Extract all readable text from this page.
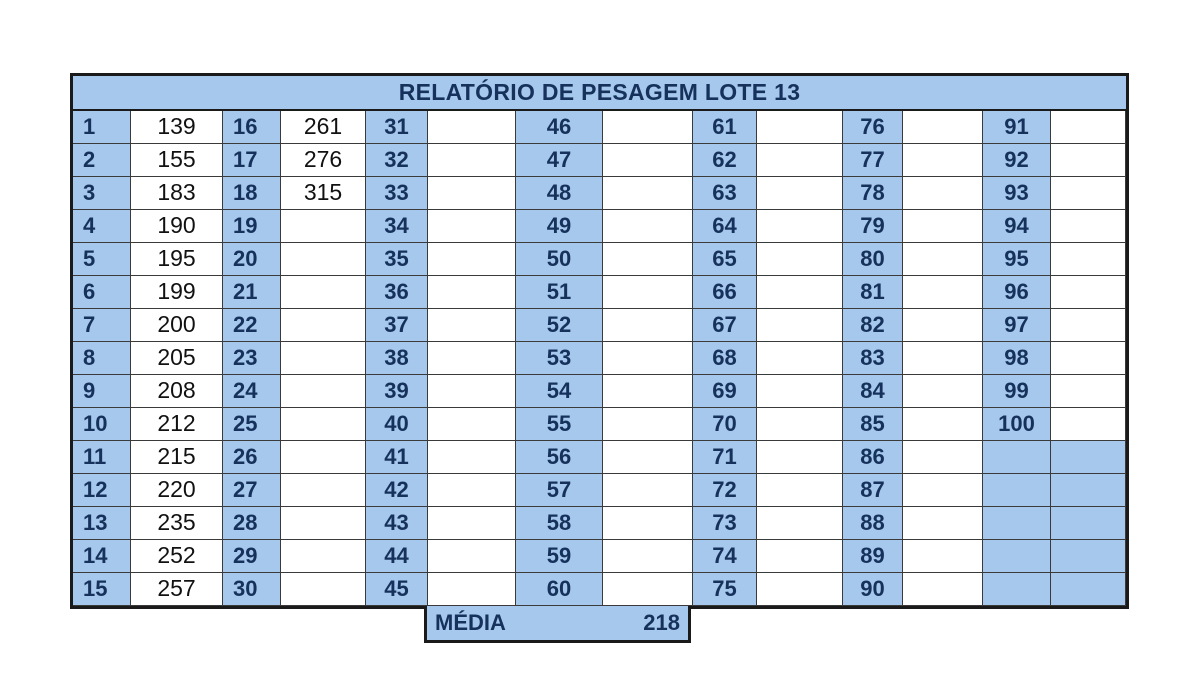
RELATÓRIO DE PESAGEM LOTE 13
1
2
3
4
5
6
7
8
9
10
11
12
13
14
15
139
155
183
190
195
199
200
205
208
212
215
220
235
252
257
16
17
18
19
20
21
22
23
24
25
26
27
28
29
30
261
276
315
31
32
33
34
35
36
37
38
39
40
41
42
43
44
45
46
47
48
49
50
51
52
53
54
55
56
57
58
59
60
61
62
63
64
65
66
67
68
69
70
71
72
73
74
75
76
77
78
79
80
81
82
83
84
85
86
87
88
89
90
91
92
93
94
95
96
97
98
99
100
MÉDIA	218
